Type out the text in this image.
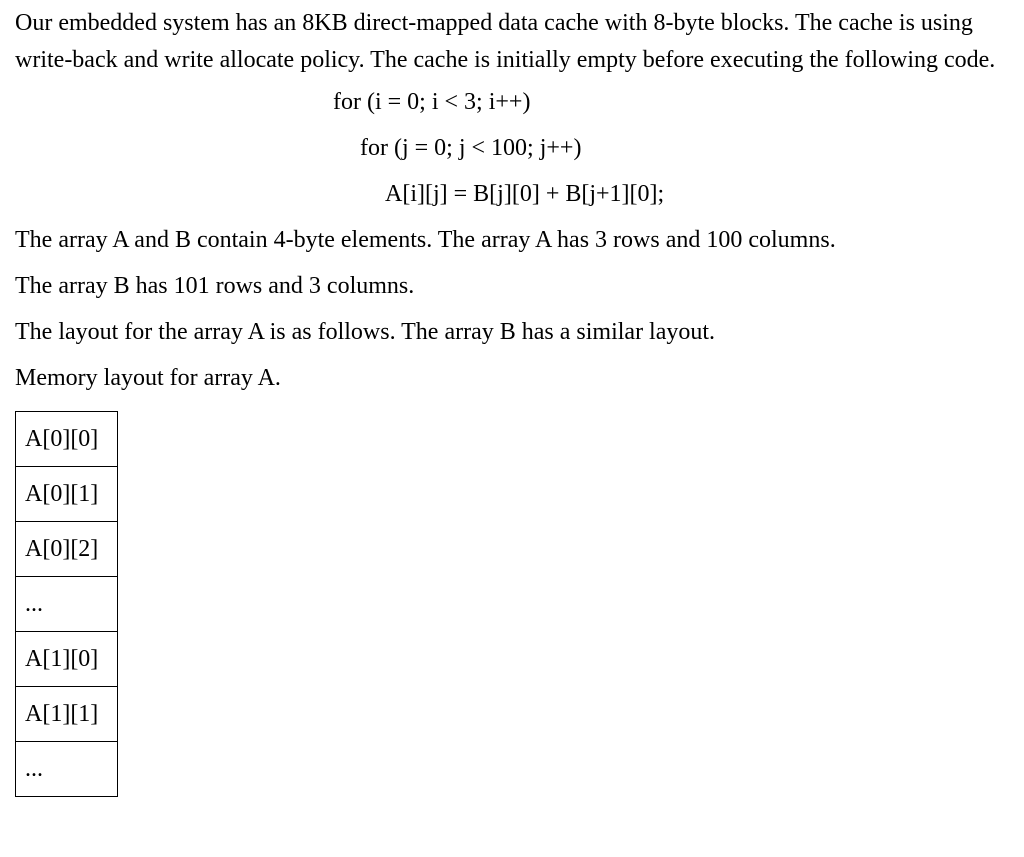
Our embedded system has an 8KB direct-mapped data cache with 8-byte blocks. The cache is using write-back and write allocate policy. The cache is initially empty before executing the following code.

for (i = 0; i < 3; i++)
for (j = 0; j < 100; j++)
A[i][j] = B[j][0] + B[j+1][0];

The array A and B contain 4-byte elements. The array A has 3 rows and 100 columns.

The array B has 101 rows and 3 columns.

The layout for the array A is as follows. The array B has a similar layout.

Memory layout for array A.

A[0][0]
A[0][1]
A[0][2]
...
A[1][0]
A[1][1]
...
